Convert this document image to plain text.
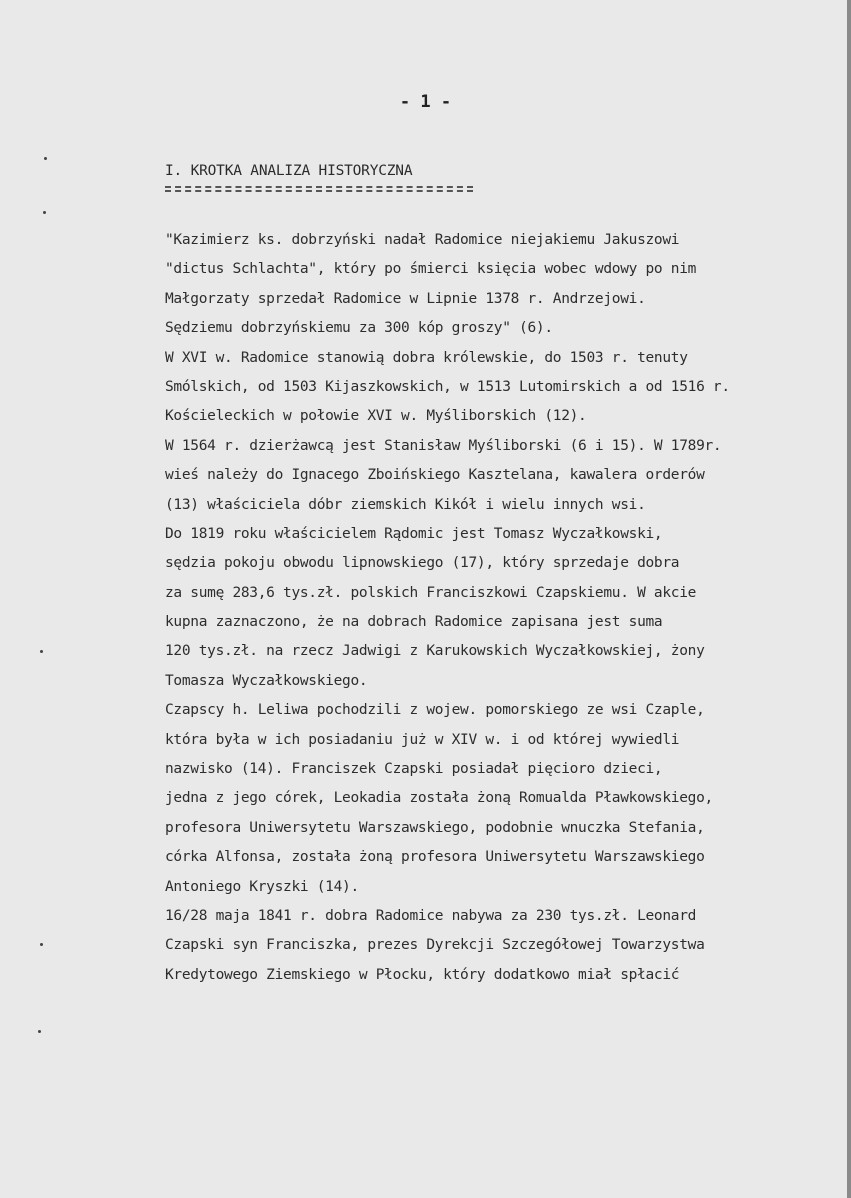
- 1 -
I. KROTKA ANALIZA HISTORYCZNA
"Kazimierz ks. dobrzyński nadał Radomice niejakiemu Jakuszowi
"dictus Schlachta", który po śmierci księcia wobec wdowy po nim
Małgorzaty sprzedał Radomice w Lipnie 1378 r. Andrzejowi.
Sędziemu dobrzyńskiemu za 300 kóp groszy" (6).
W XVI w. Radomice stanowią dobra królewskie, do 1503 r. tenuty
Smólskich, od 1503 Kijaszkowskich, w 1513 Lutomirskich a od 1516 r.
Kościeleckich w połowie XVI w. Myśliborskich (12).
W 1564 r. dzierżawcą jest Stanisław Myśliborski (6 i 15). W 1789r.
wieś należy do Ignacego Zboińskiego Kasztelana, kawalera orderów
(13) właściciela dóbr ziemskich Kikół i wielu innych wsi.
Do 1819 roku właścicielem Rądomic jest Tomasz Wyczałkowski,
sędzia pokoju obwodu lipnowskiego (17), który sprzedaje dobra
za sumę 283,6 tys.zł. polskich Franciszkowi Czapskiemu. W akcie
kupna zaznaczono, że na dobrach Radomice zapisana jest suma
120 tys.zł. na rzecz Jadwigi z Karukowskich Wyczałkowskiej, żony
Tomasza Wyczałkowskiego.
Czapscy h. Leliwa pochodzili z wojew. pomorskiego ze wsi Czaple,
która była w ich posiadaniu już w XIV w. i od której wywiedli
nazwisko (14). Franciszek Czapski posiadał pięcioro dzieci,
jedna z jego córek, Leokadia została żoną Romualda Pławkowskiego,
profesora Uniwersytetu Warszawskiego, podobnie wnuczka Stefania,
córka Alfonsa, została żoną profesora Uniwersytetu Warszawskiego
Antoniego Kryszki (14).
16/28 maja 1841 r. dobra Radomice nabywa za 230 tys.zł. Leonard
Czapski syn Franciszka, prezes Dyrekcji Szczegółowej Towarzystwa
Kredytowego Ziemskiego w Płocku, który dodatkowo miał spłacić
